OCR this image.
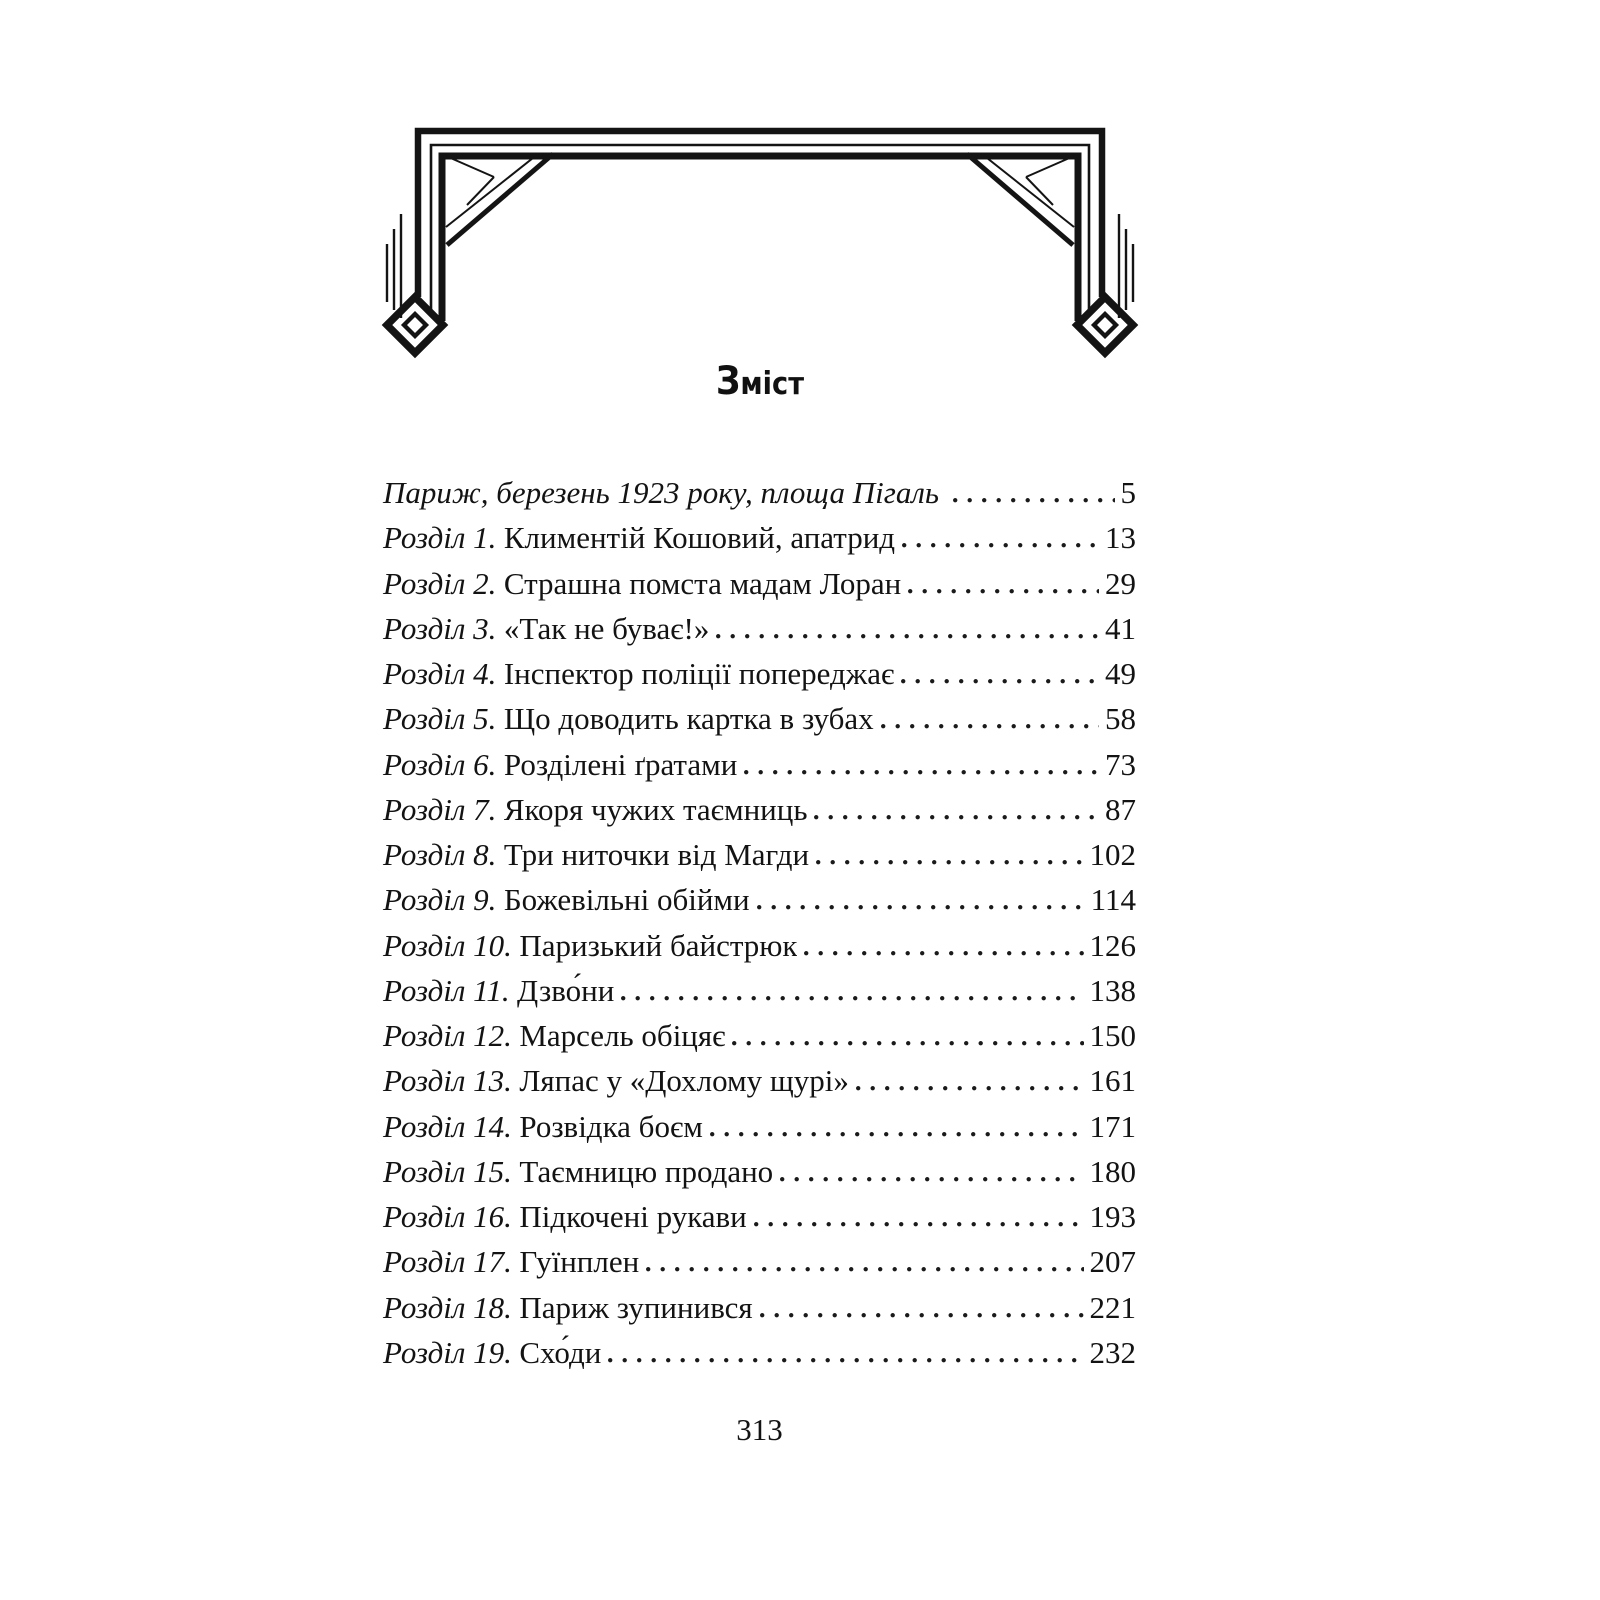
Зміст
Париж, березень 1923 року, площа Пігаль	5
Розділ 1. Климентій Кошовий, апатрид	13
Розділ 2. Страшна помста мадам Лоран	29
Розділ 3. «Так не буває!»	41
Розділ 4. Інспектор поліції попереджає	49
Розділ 5. Що доводить картка в зубах	58
Розділ 6. Розділені ґратами	73
Розділ 7. Якоря чужих таємниць	87
Розділ 8. Три ниточки від Магди	102
Розділ 9. Божевільні обійми	114
Розділ 10. Паризький байстрюк	126
Розділ 11. Дзво́ни	138
Розділ 12. Марсель обіцяє	150
Розділ 13. Ляпас у «Дохлому щурі»	161
Розділ 14. Розвідка боєм	171
Розділ 15. Таємницю продано	180
Розділ 16. Підкочені рукави	193
Розділ 17. Гуїнплен	207
Розділ 18. Париж зупинився	221
Розділ 19. Схо́ди	232
313
